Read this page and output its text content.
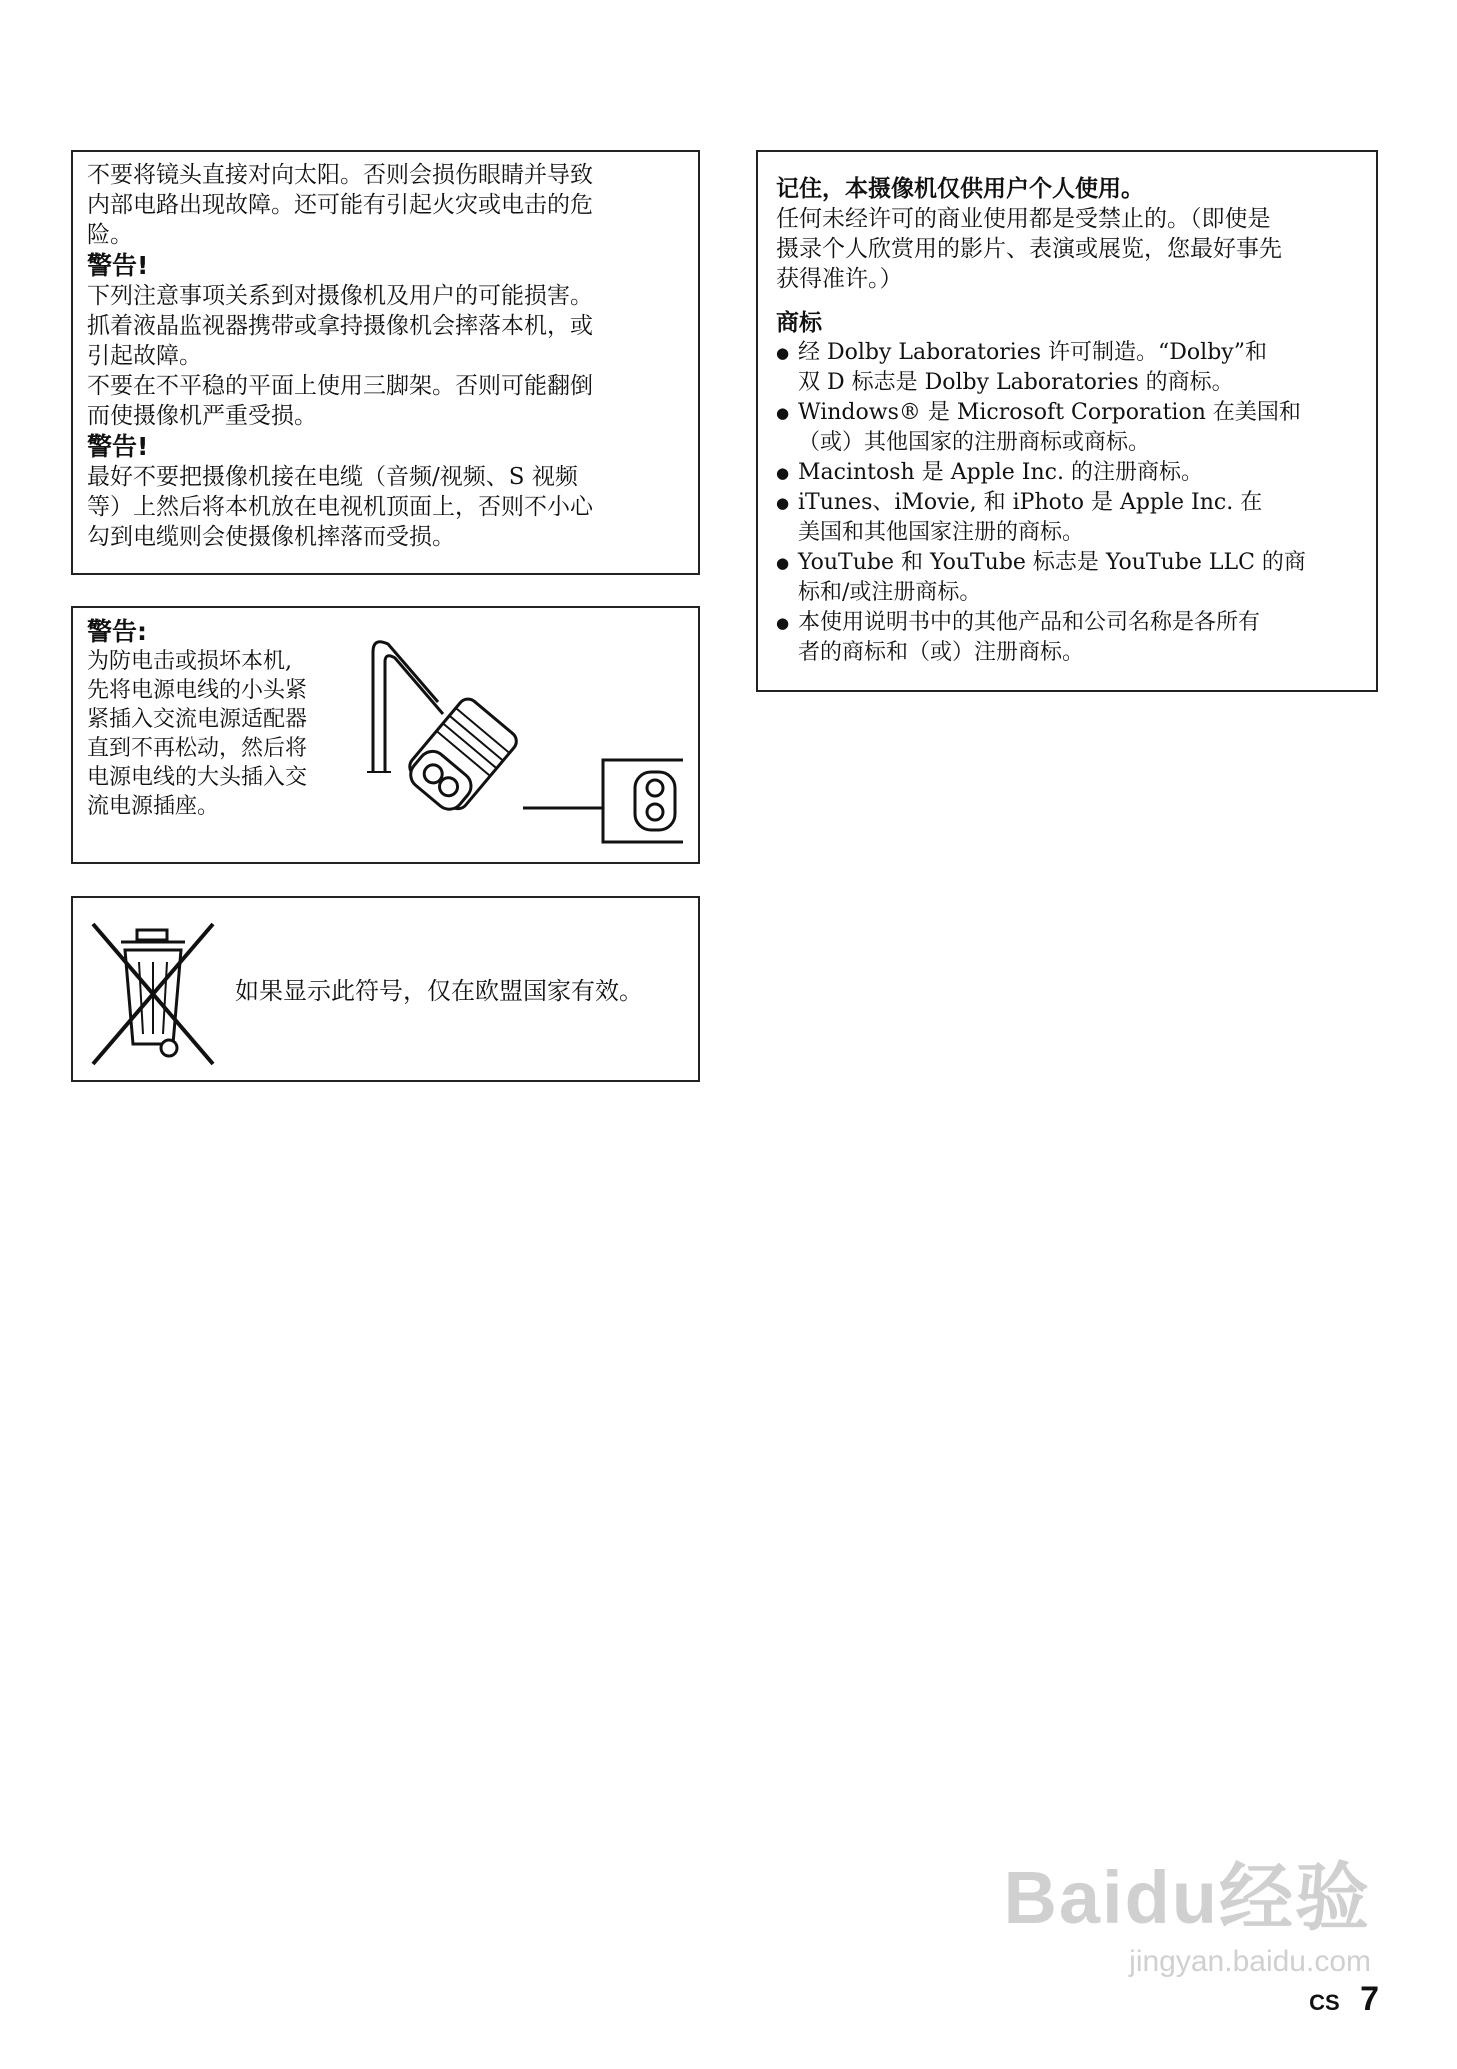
不要将镜头直接对向太阳。否则会损伤眼睛并导致
内部电路出现故障。还可能有引起火灾或电击的危
险。

警告!

下列注意事项关系到对摄像机及用户的可能损害。
抓着液晶监视器携带或拿持摄像机会摔落本机，或
引起故障。
不要在不平稳的平面上使用三脚架。否则可能翻倒
而使摄像机严重受损。

警告!

最好不要把摄像机接在电缆（音频/视频、S 视频
等）上然后将本机放在电视机顶面上，否则不小心
勾到电缆则会使摄像机摔落而受损。

警告:

为防电击或损坏本机,
先将电源电线的小头紧
紧插入交流电源适配器
直到不再松动，然后将
电源电线的大头插入交
流电源插座。

如果显示此符号，仅在欧盟国家有效。

记住，本摄像机仅供用户个人使用。

任何未经许可的商业使用都是受禁止的。（即使是
摄录个人欣赏用的影片、表演或展览，您最好事先
获得准许。）

商标

● 经 Dolby Laboratories 许可制造。“Dolby”和
双 D 标志是 Dolby Laboratories 的商标。
● Windows® 是 Microsoft Corporation 在美国和
（或）其他国家的注册商标或商标。
● Macintosh 是 Apple Inc. 的注册商标。
● iTunes、iMovie, 和 iPhoto 是 Apple Inc. 在
美国和其他国家注册的商标。
● YouTube 和 YouTube 标志是 YouTube LLC 的商
标和/或注册商标。
● 本使用说明书中的其他产品和公司名称是各所有
者的商标和（或）注册商标。
Baidu经验
jingyan.baidu.com
CS 7
